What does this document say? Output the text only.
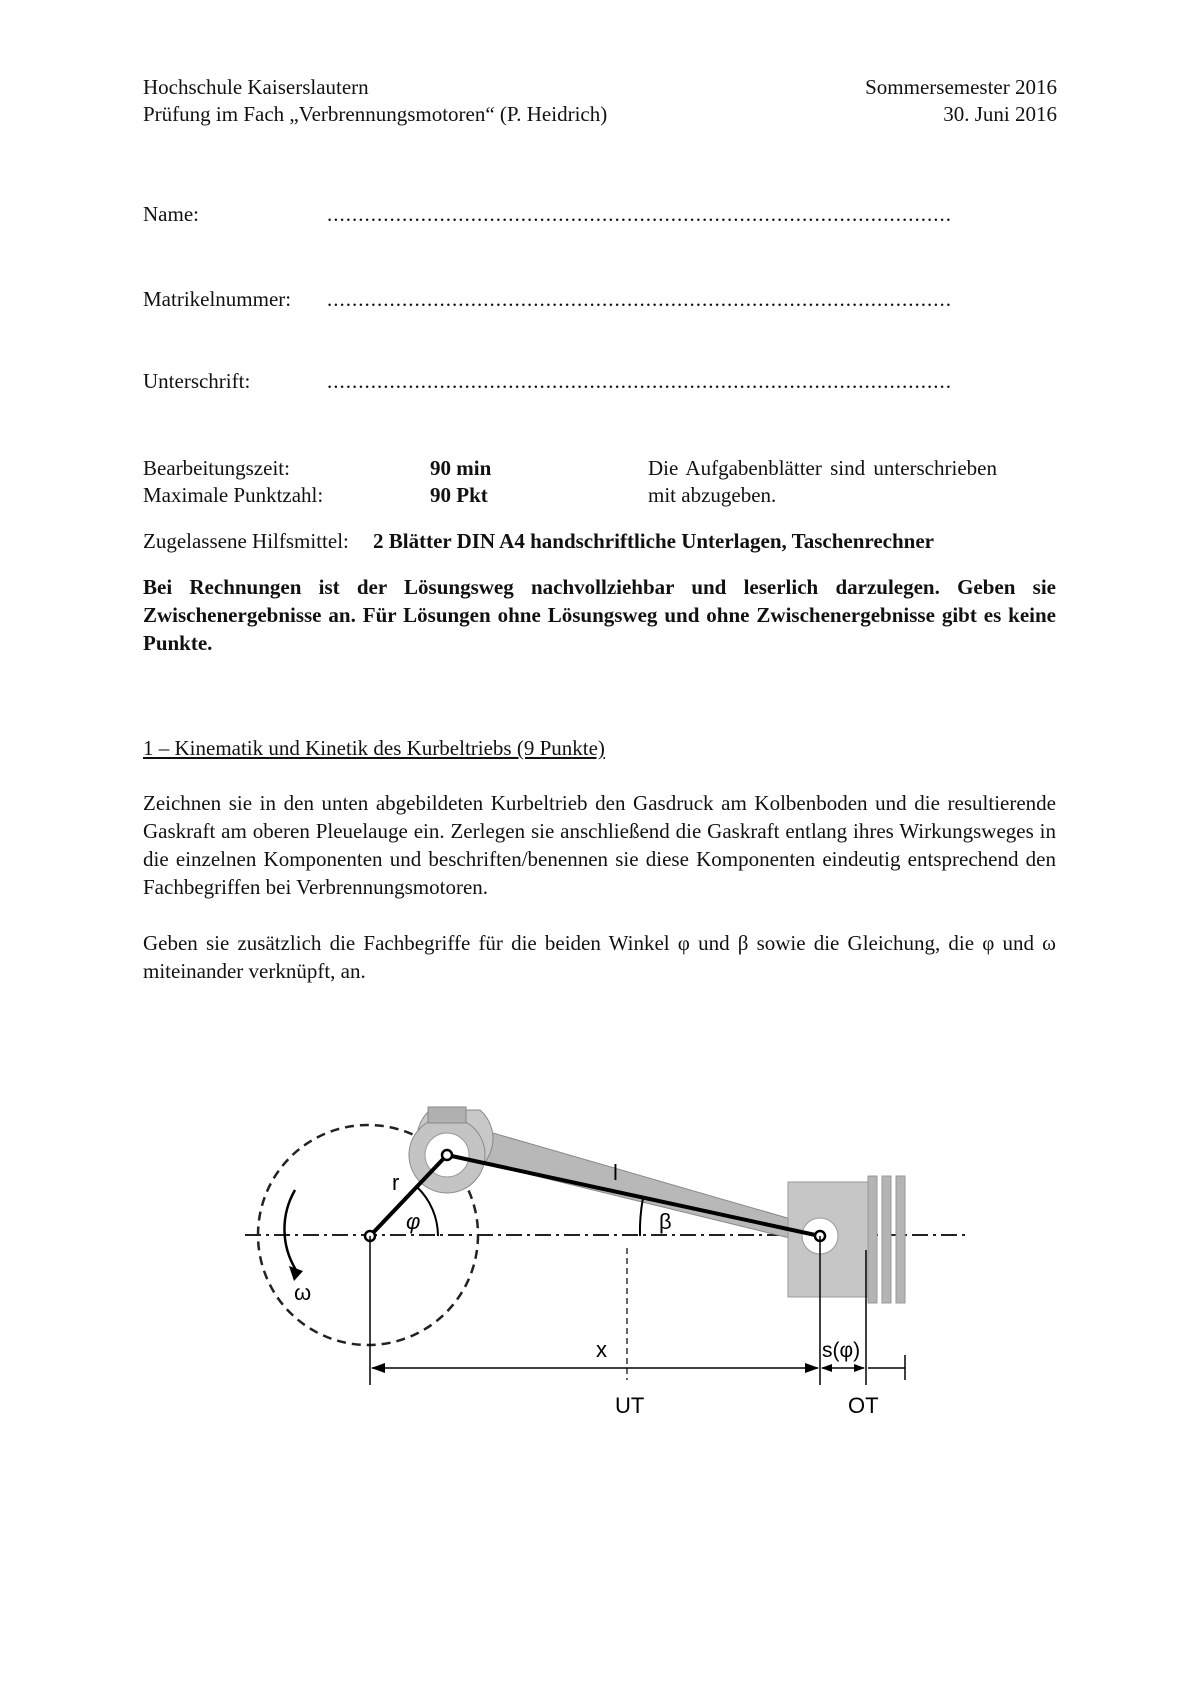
Hochschule Kaiserslautern	Sommersemester 2016
Prüfung im Fach „Verbrennungsmotoren“ (P. Heidrich)	30. Juni 2016
Name:	....................................................................................................
Matrikelnummer: ....................................................................................................
Unterschrift:	....................................................................................................
Bearbeitungszeit:	90 min	Die Aufgabenblätter sind unterschrieben
Maximale Punktzahl:	90 Pkt	mit abzugeben.
Zugelassene Hilfsmittel: 2 Blätter DIN A4 handschriftliche Unterlagen, Taschenrechner
Bei Rechnungen ist der Lösungsweg nachvollziehbar und leserlich darzulegen. Geben sie Zwischenergebnisse an. Für Lösungen ohne Lösungsweg und ohne Zwischenergebnisse gibt es keine Punkte.
1 – Kinematik und Kinetik des Kurbeltriebs (9 Punkte)
Zeichnen sie in den unten abgebildeten Kurbeltrieb den Gasdruck am Kolbenboden und die resultierende Gaskraft am oberen Pleuelauge ein. Zerlegen sie anschließend die Gaskraft entlang ihres Wirkungsweges in die einzelnen Komponenten und beschriften/benennen sie diese Komponenten eindeutig entsprechend den Fachbegriffen bei Verbrennungsmotoren.
Geben sie zusätzlich die Fachbegriffe für die beiden Winkel φ und β sowie die Gleichung, die φ und ω miteinander verknüpft, an.
r	l
φ	β
ω
x	s(φ)
UT	OT
